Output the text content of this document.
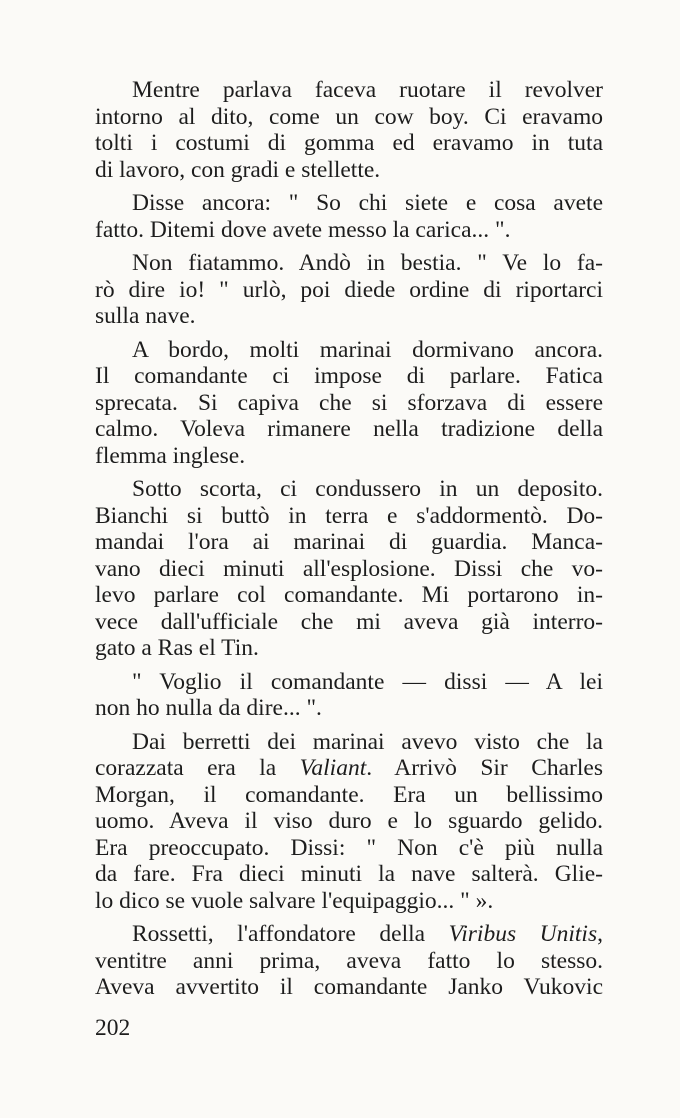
Mentre parlava faceva ruotare il revolver
intorno al dito, come un cow boy. Ci eravamo
tolti i costumi di gomma ed eravamo in tuta
di lavoro, con gradi e stellette.
Disse ancora: " So chi siete e cosa avete
fatto. Ditemi dove avete messo la carica... ".
Non fiatammo. Andò in bestia. " Ve lo fa-
rò dire io! " urlò, poi diede ordine di riportarci
sulla nave.
A bordo, molti marinai dormivano ancora.
Il comandante ci impose di parlare. Fatica
sprecata. Si capiva che si sforzava di essere
calmo. Voleva rimanere nella tradizione della
flemma inglese.
Sotto scorta, ci condussero in un deposito.
Bianchi si buttò in terra e s'addormentò. Do-
mandai l'ora ai marinai di guardia. Manca-
vano dieci minuti all'esplosione. Dissi che vo-
levo parlare col comandante. Mi portarono in-
vece dall'ufficiale che mi aveva già interro-
gato a Ras el Tin.
" Voglio il comandante — dissi — A lei
non ho nulla da dire... ".
Dai berretti dei marinai avevo visto che la
corazzata era la Valiant. Arrivò Sir Charles
Morgan, il comandante. Era un bellissimo
uomo. Aveva il viso duro e lo sguardo gelido.
Era preoccupato. Dissi: " Non c'è più nulla
da fare. Fra dieci minuti la nave salterà. Glie-
lo dico se vuole salvare l'equipaggio... " ».
Rossetti, l'affondatore della Viribus Unitis,
ventitre anni prima, aveva fatto lo stesso.
Aveva avvertito il comandante Janko Vukovic
202
